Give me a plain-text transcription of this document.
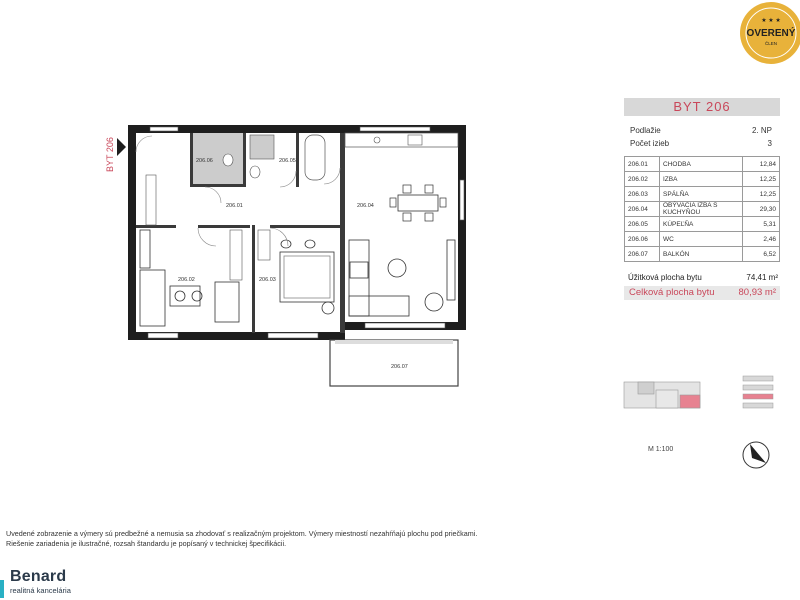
206.06	206.05
206.01	206.04
206.02	206.03
206.07
BYT 206
OVERENÝ
ČLEN
★ ★ ★
BYT 206
Podlažie	2. NP
Počet izieb	3
206.01	CHODBA	12,84
206.02	IZBA	12,25
206.03	SPÁLŇA	12,25
206.04	OBÝVACIA IZBA S KUCHYŇOU	29,30
206.05	KÚPEĽŇA	5,31
206.06	WC	2,46
206.07	BALKÓN	6,52
Úžitková plocha bytu	74,41 m²
Celková plocha bytu	80,93 m²
M 1:100
Uvedené zobrazenie a výmery sú predbežné a nemusia sa zhodovať s realizačným projektom. Výmery miestností nezahŕňajú plochu pod priečkami.
Riešenie zariadenia je ilustračné, rozsah štandardu je popísaný v technickej špecifikácii.
Benard
realitná kancelária
